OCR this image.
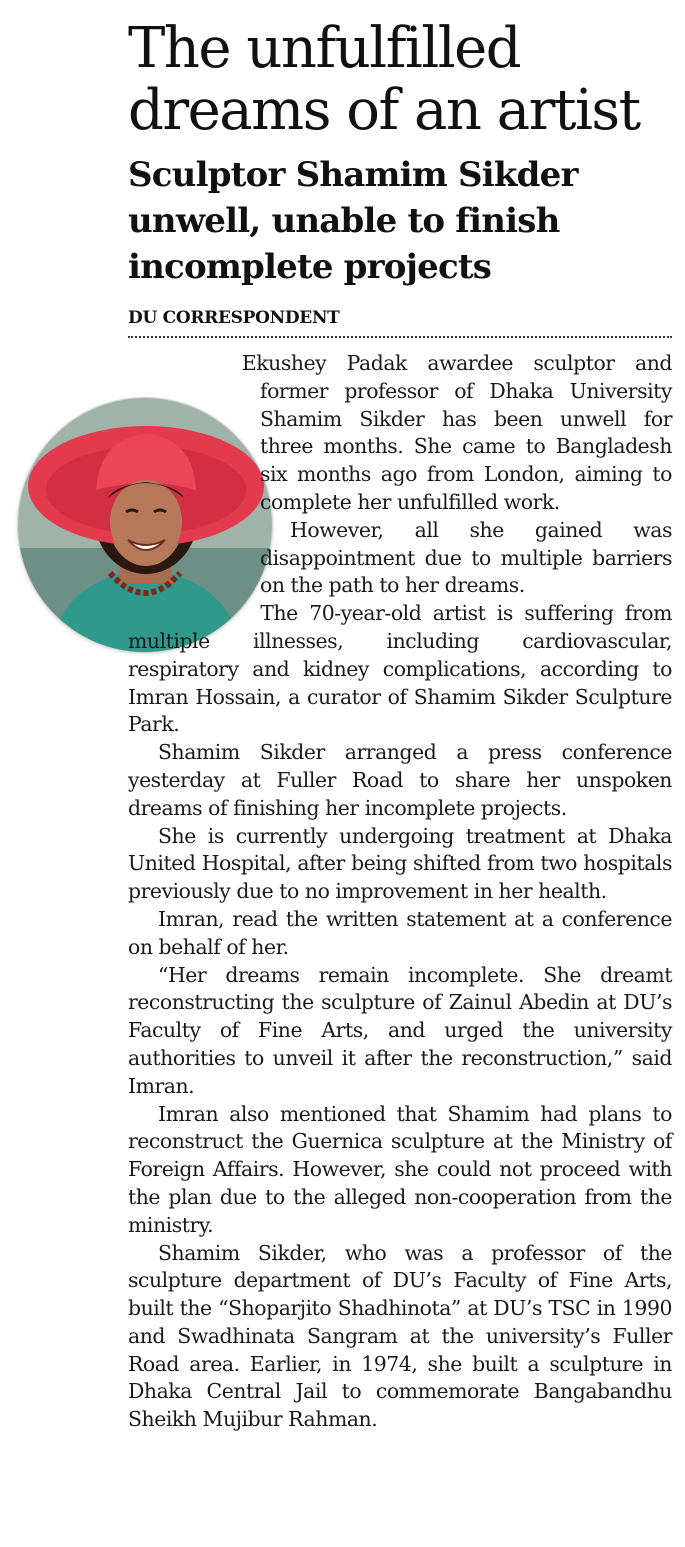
The unfulfilled
dreams of an artist
Sculptor Shamim Sikder
unwell, unable to finish
incomplete projects
DU CORRESPONDENT

Ekushey Padak awardee sculptor and former professor of Dhaka University Shamim Sikder has been unwell for three months. She came to Bangladesh six months ago from London, aiming to complete her unfulfilled work.

However, all she gained was disappointment due to multiple barriers on the path to her dreams.

The 70-year-old artist is suffering from multiple illnesses, including cardiovascular, respiratory and kidney complications, according to Imran Hossain, a curator of Shamim Sikder Sculpture Park.

Shamim Sikder arranged a press conference yesterday at Fuller Road to share her unspoken dreams of finishing her incomplete projects.

She is currently undergoing treatment at Dhaka United Hospital, after being shifted from two hospitals previously due to no improvement in her health.

Imran, read the written statement at a conference on behalf of her.

“Her dreams remain incomplete. She dreamt reconstructing the sculpture of Zainul Abedin at DU’s Faculty of Fine Arts, and urged the university authorities to unveil it after the reconstruction,” said Imran.

Imran also mentioned that Shamim had plans to reconstruct the Guernica sculpture at the Ministry of Foreign Affairs. However, she could not proceed with the plan due to the alleged non-cooperation from the ministry.

Shamim Sikder, who was a professor of the sculpture department of DU’s Faculty of Fine Arts, built the “Shoparjito Shadhinota” at DU’s TSC in 1990 and Swadhinata Sangram at the university’s Fuller Road area. Earlier, in 1974, she built a sculpture in Dhaka Central Jail to commemorate Bangabandhu Sheikh Mujibur Rahman.
